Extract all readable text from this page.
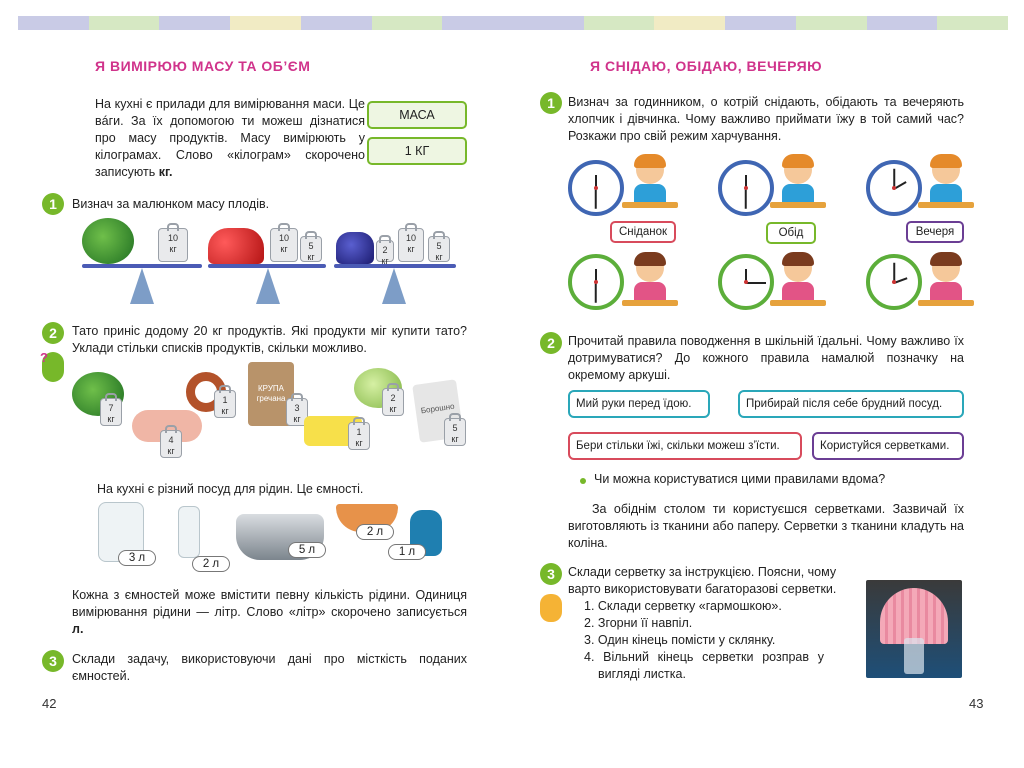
Я ВИМІРЮЮ МАСУ ТА ОБ’ЄМ
На кухні є прилади для вимірювання маси. Це вáги. За їх допомогою ти можеш дізнатися про масу продуктів. Масу вимірюють у кілограмах. Слово «кілограм» скорочено записують кг.
МАСА
1 КГ
1	Визнач за малюнком масу плодів.
10
кг
10
кг	5
кг
2
кг
10
кг	5
кг
2	Тато приніс додому 20 кг продуктів. Які продукти міг купити тато? Уклади стільки списків продуктів, скільки можливо.
?
7
кг
4
кг
1
кг
КРУПА
гречана
3
кг
1
кг
2
кг	Борошно
5
кг
На кухні є різний посуд для рідин. Це ємності.
3 л	2 л
5 л
2 л
1 л
Кожна з ємностей може вмістити певну кількість рідини. Одиниця вимірювання рідини — літр. Слово «літр» скорочено записується л.
3	Склади задачу, використовуючи дані про місткість поданих ємностей.
42
Я СНІДАЮ, ОБІДАЮ, ВЕЧЕРЯЮ
1	Визнач за годинником, о котрій снідають, обідають та вечеряють хлопчик і дівчинка. Чому важливо приймати їжу в той самий час? Розкажи про свій режим харчування.
Сніданок	Обід	Вечеря
2	Прочитай правила поводження в шкільній їдальні. Чому важливо їх дотримуватися? До кожного правила намалюй позначку на окремому аркуші.
Мий руки перед їдою.	Прибирай після себе брудний посуд.
Бери стільки їжі, скільки можеш з’їсти.	Користуйся серветками.
Чи можна користуватися цими правилами вдома?
За обіднім столом ти користуєшся серветками. Зазвичай їх виготовляють із тканини або паперу. Серветки з тканини кладуть на коліна.
3	Склади серветку за інструкцією. Поясни, чому варто використовувати багаторазові серветки.
1. Склади серветку «гармошкою».
2. Згорни її навпіл.
3. Один кінець помісти у склянку.
4. Вільний кінець серветки розправ у вигляді листка.
43
